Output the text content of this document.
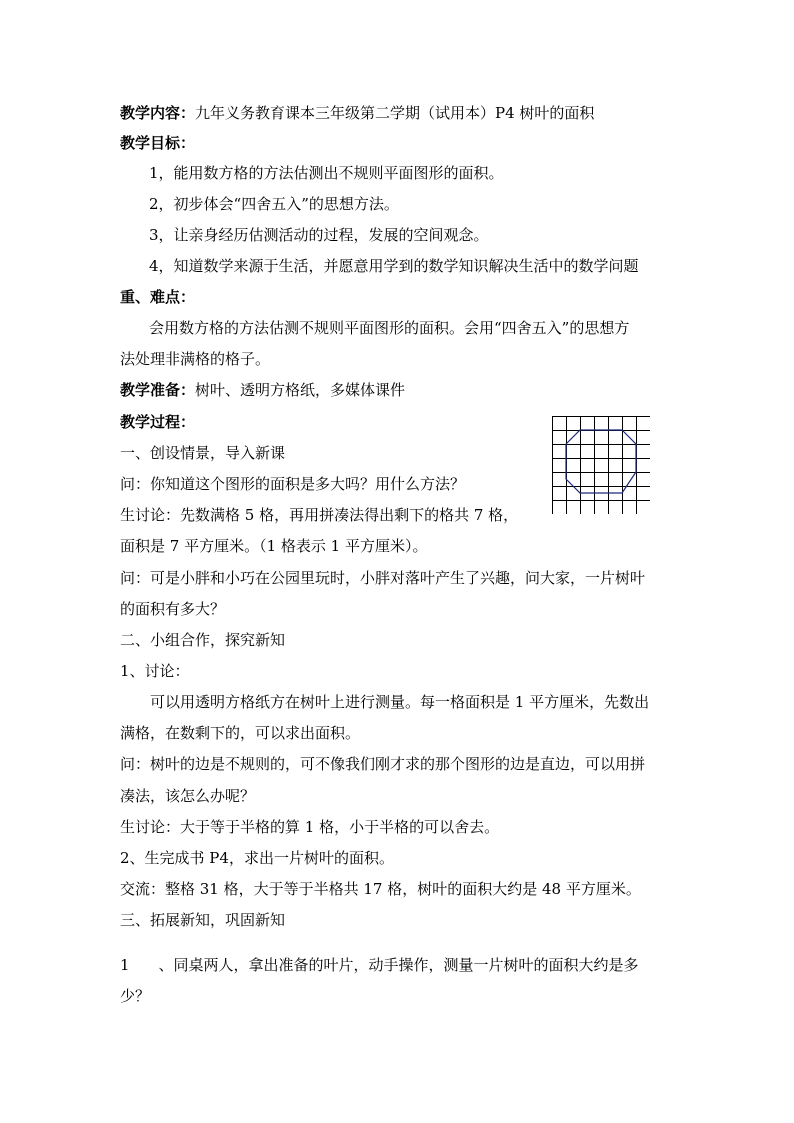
教学内容：九年义务教育课本三年级第二学期（试用本）P4 树叶的面积
教学目标：
1，能用数方格的方法估测出不规则平面图形的面积。
2，初步体会“四舍五入”的思想方法。
3，让亲身经历估测活动的过程，发展的空间观念。
4，知道数学来源于生活，并愿意用学到的数学知识解决生活中的数学问题
重、难点：
会用数方格的方法估测不规则平面图形的面积。会用“四舍五入”的思想方
法处理非满格的格子。
教学准备：树叶、透明方格纸，多媒体课件
教学过程：
一、创设情景，导入新课
问：你知道这个图形的面积是多大吗？用什么方法？
生讨论：先数满格 5 格，再用拼凑法得出剩下的格共 7 格，
面积是 7 平方厘米。（1 格表示 1 平方厘米）。
问：可是小胖和小巧在公园里玩时，小胖对落叶产生了兴趣，问大家，一片树叶
的面积有多大？
二、小组合作，探究新知
1、讨论：
可以用透明方格纸方在树叶上进行测量。每一格面积是 1 平方厘米，先数出
满格，在数剩下的，可以求出面积。
问：树叶的边是不规则的，可不像我们刚才求的那个图形的边是直边，可以用拼
凑法，该怎么办呢？
生讨论：大于等于半格的算 1 格，小于半格的可以舍去。
2、生完成书 P4，求出一片树叶的面积。
交流：整格 31 格，大于等于半格共 17 格，树叶的面积大约是 48 平方厘米。
三、拓展新知，巩固新知
1 、同桌两人，拿出准备的叶片，动手操作，测量一片树叶的面积大约是多
少？
